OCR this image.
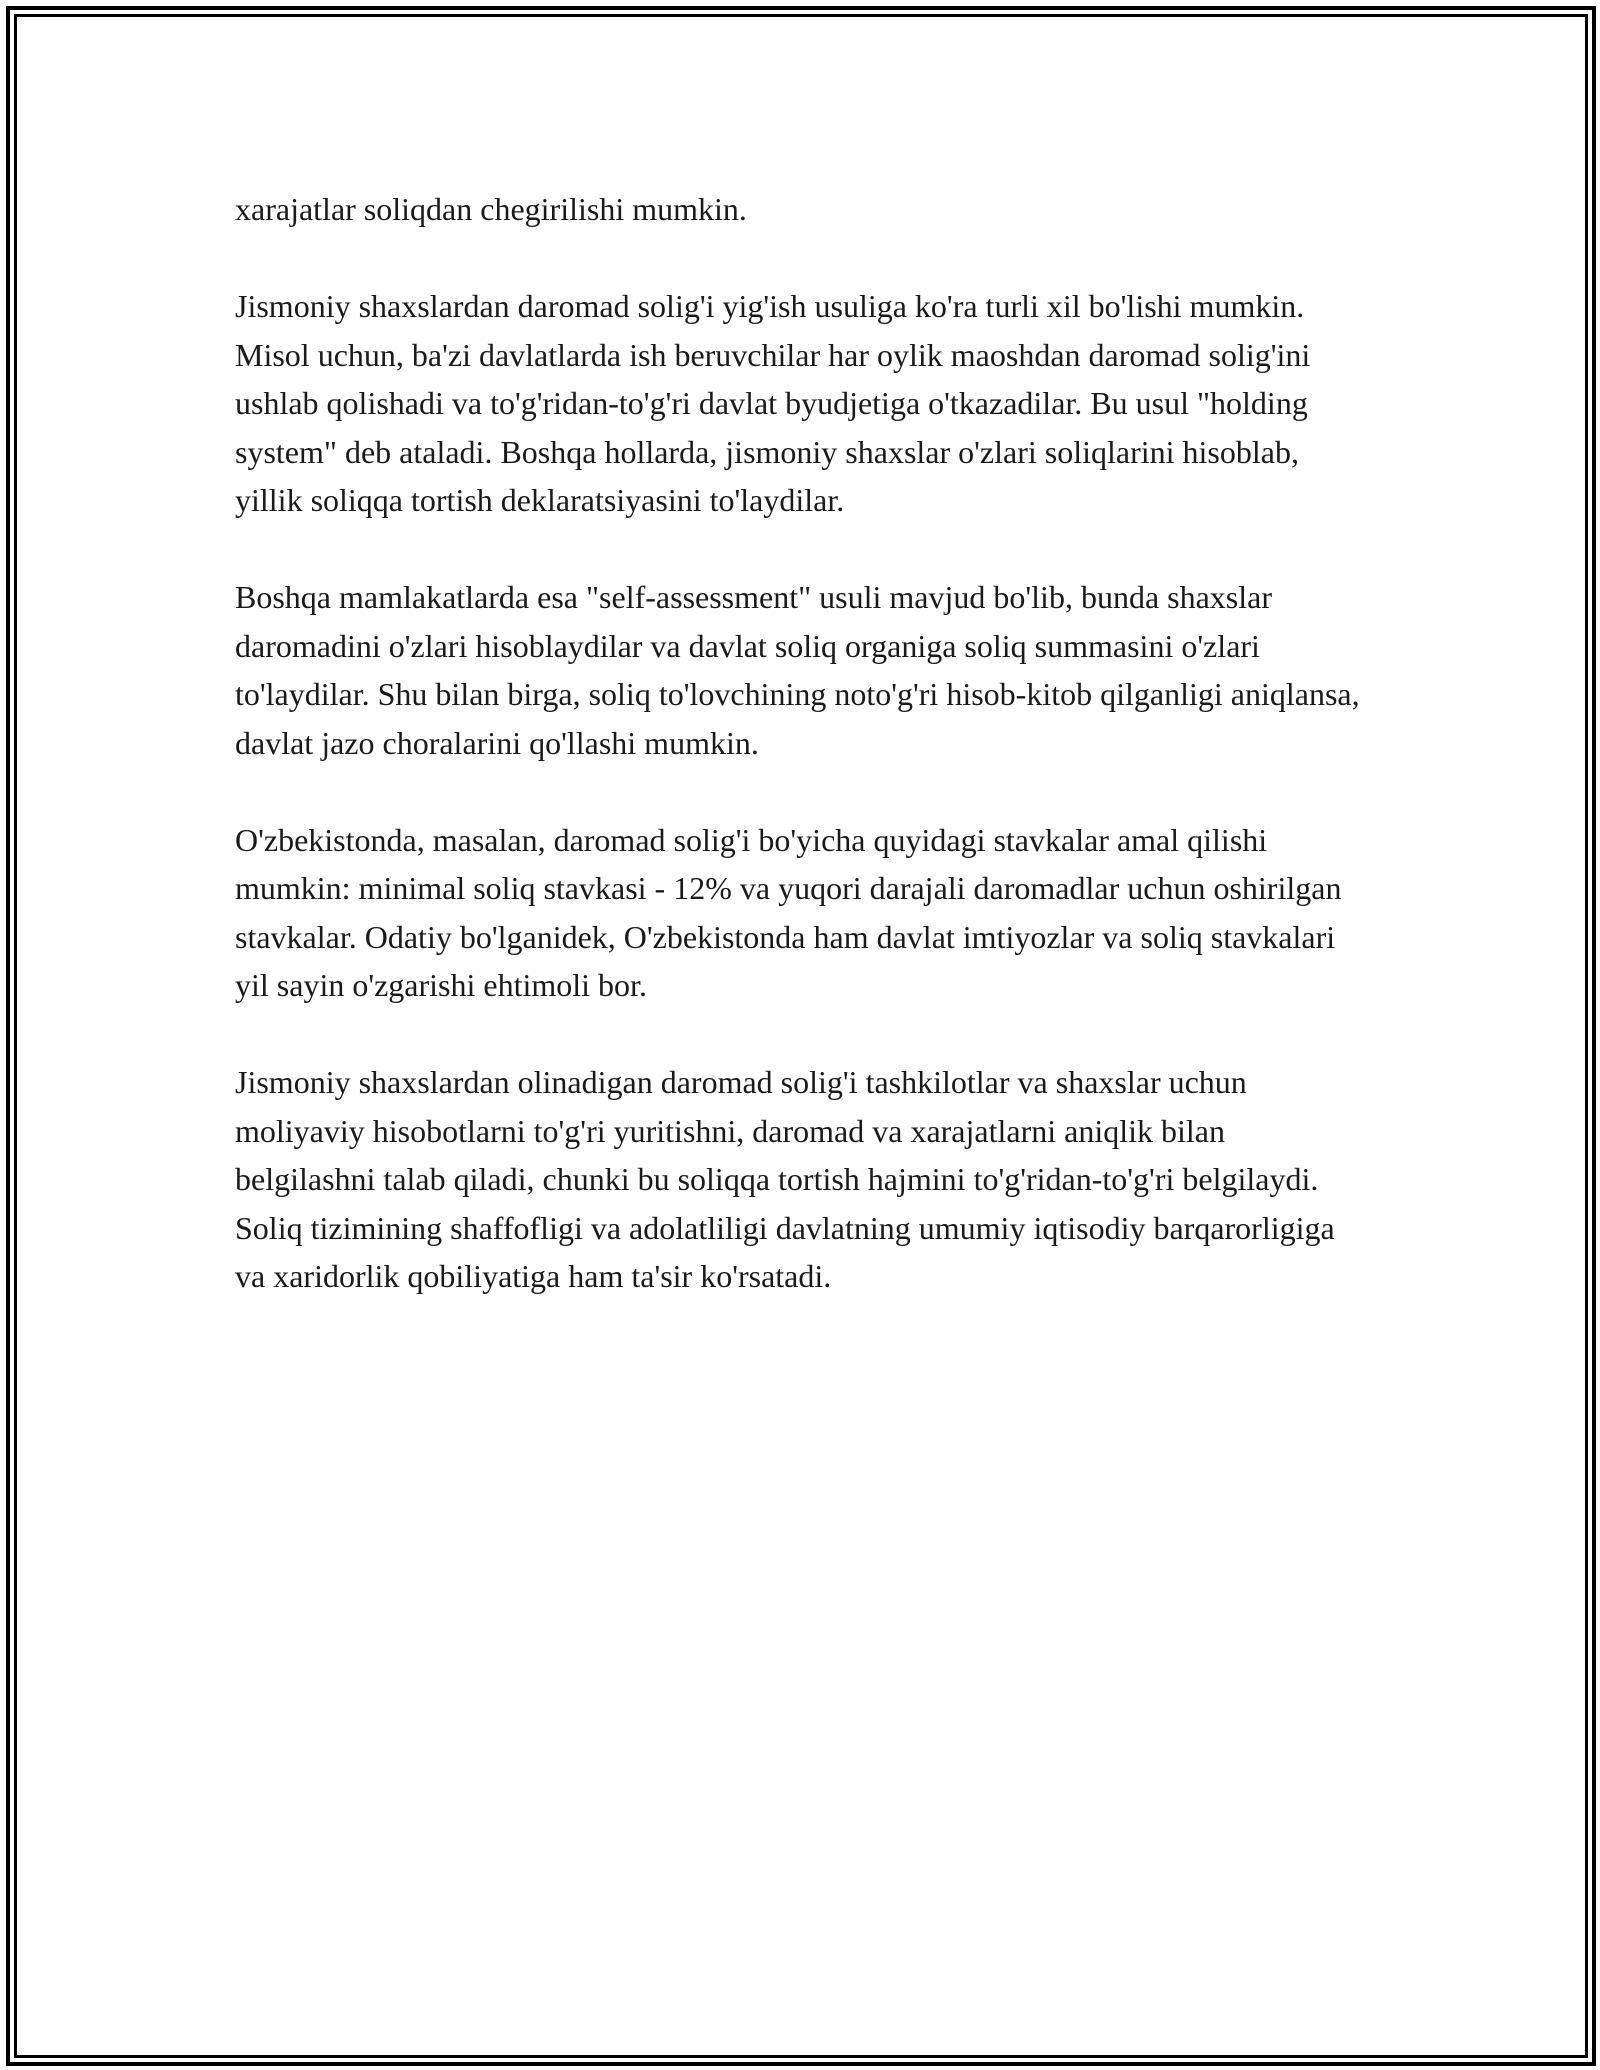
xarajatlar soliqdan chegirilishi mumkin.

Jismoniy shaxslardan daromad solig'i yig'ish usuliga ko'ra turli xil bo'lishi mumkin. Misol uchun, ba'zi davlatlarda ish beruvchilar har oylik maoshdan daromad solig'ini ushlab qolishadi va to'g'ridan-to'g'ri davlat byudjetiga o'tkazadilar. Bu usul "holding system" deb ataladi. Boshqa hollarda, jismoniy shaxslar o'zlari soliqlarini hisoblab, yillik soliqqa tortish deklaratsiyasini to'laydilar.

Boshqa mamlakatlarda esa "self-assessment" usuli mavjud bo'lib, bunda shaxslar daromadini o'zlari hisoblaydilar va davlat soliq organiga soliq summasini o'zlari to'laydilar. Shu bilan birga, soliq to'lovchining noto'g'ri hisob-kitob qilganligi aniqlansa, davlat jazo choralarini qo'llashi mumkin.

O'zbekistonda, masalan, daromad solig'i bo'yicha quyidagi stavkalar amal qilishi mumkin: minimal soliq stavkasi - 12% va yuqori darajali daromadlar uchun oshirilgan stavkalar. Odatiy bo'lganidek, O'zbekistonda ham davlat imtiyozlar va soliq stavkalari yil sayin o'zgarishi ehtimoli bor.

Jismoniy shaxslardan olinadigan daromad solig'i tashkilotlar va shaxslar uchun moliyaviy hisobotlarni to'g'ri yuritishni, daromad va xarajatlarni aniqlik bilan belgilashni talab qiladi, chunki bu soliqqa tortish hajmini to'g'ridan-to'g'ri belgilaydi. Soliq tizimining shaffofligi va adolatliligi davlatning umumiy iqtisodiy barqarorligiga va xaridorlik qobiliyatiga ham ta'sir ko'rsatadi.
